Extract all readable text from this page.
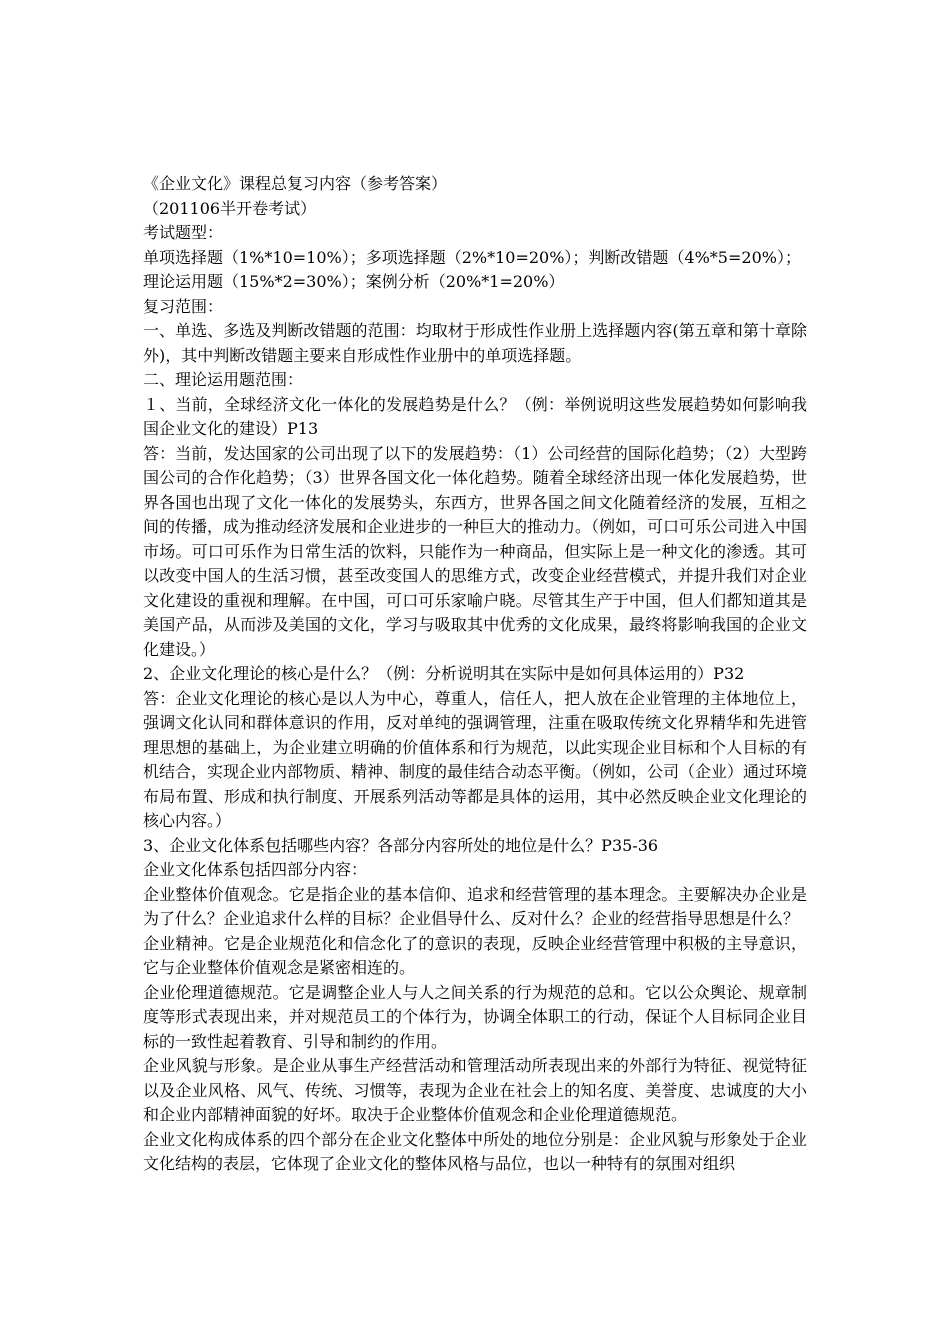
《企业文化》课程总复习内容（参考答案）

（201106半开卷考试）

考试题型：

单项选择题（1%*10=10%）；多项选择题（2%*10=20%）；判断改错题（4%*5=20%）；

理论运用题（15%*2=30%）；案例分析（20%*1=20%）

复习范围：

一、单选、多选及判断改错题的范围：均取材于形成性作业册上选择题内容(第五章和第十章除外)，其中判断改错题主要来自形成性作业册中的单项选择题。

二、理论运用题范围：

１、当前，全球经济文化一体化的发展趋势是什么？（例：举例说明这些发展趋势如何影响我国企业文化的建设）P13

答：当前，发达国家的公司出现了以下的发展趋势：（1）公司经营的国际化趋势；（2）大型跨国公司的合作化趋势；（3）世界各国文化一体化趋势。随着全球经济出现一体化发展趋势，世界各国也出现了文化一体化的发展势头，东西方，世界各国之间文化随着经济的发展，互相之间的传播，成为推动经济发展和企业进步的一种巨大的推动力。（例如，可口可乐公司进入中国市场。可口可乐作为日常生活的饮料，只能作为一种商品，但实际上是一种文化的渗透。其可以改变中国人的生活习惯，甚至改变国人的思维方式，改变企业经营模式，并提升我们对企业文化建设的重视和理解。在中国，可口可乐家喻户晓。尽管其生产于中国，但人们都知道其是美国产品，从而涉及美国的文化，学习与吸取其中优秀的文化成果，最终将影响我国的企业文化建设。）

2、企业文化理论的核心是什么？（例：分析说明其在实际中是如何具体运用的）P32

答：企业文化理论的核心是以人为中心，尊重人，信任人，把人放在企业管理的主体地位上，强调文化认同和群体意识的作用，反对单纯的强调管理，注重在吸取传统文化界精华和先进管理思想的基础上，为企业建立明确的价值体系和行为规范，以此实现企业目标和个人目标的有机结合，实现企业内部物质、精神、制度的最佳结合动态平衡。（例如，公司（企业）通过环境布局布置、形成和执行制度、开展系列活动等都是具体的运用，其中必然反映企业文化理论的核心内容。）

3、企业文化体系包括哪些内容？各部分内容所处的地位是什么？P35-36

企业文化体系包括四部分内容：

企业整体价值观念。它是指企业的基本信仰、追求和经营管理的基本理念。主要解决办企业是为了什么？企业追求什么样的目标？企业倡导什么、反对什么？企业的经营指导思想是什么？

企业精神。它是企业规范化和信念化了的意识的表现，反映企业经营管理中积极的主导意识，它与企业整体价值观念是紧密相连的。

企业伦理道德规范。它是调整企业人与人之间关系的行为规范的总和。它以公众舆论、规章制度等形式表现出来，并对规范员工的个体行为，协调全体职工的行动，保证个人目标同企业目标的一致性起着教育、引导和制约的作用。

企业风貌与形象。是企业从事生产经营活动和管理活动所表现出来的外部行为特征、视觉特征以及企业风格、风气、传统、习惯等，表现为企业在社会上的知名度、美誉度、忠诚度的大小和企业内部精神面貌的好坏。取决于企业整体价值观念和企业伦理道德规范。

企业文化构成体系的四个部分在企业文化整体中所处的地位分别是：企业风貌与形象处于企业文化结构的表层，它体现了企业文化的整体风格与品位，也以一种特有的氛围对组织
